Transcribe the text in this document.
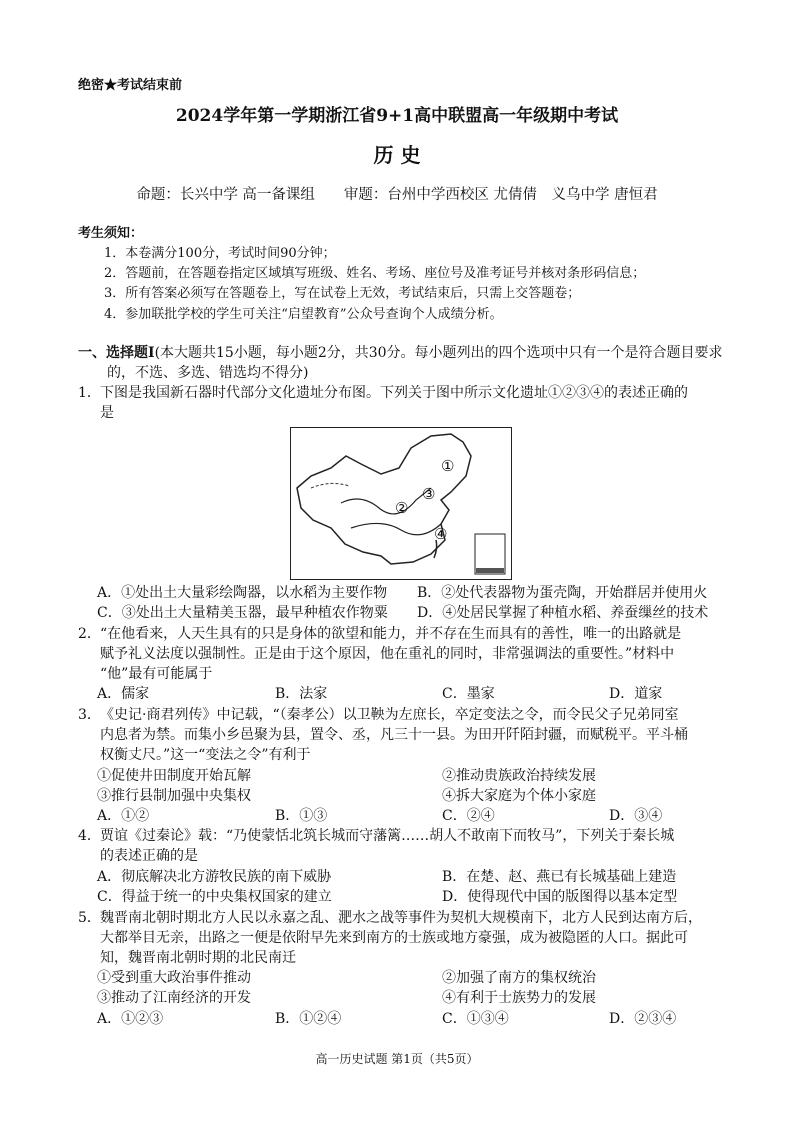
绝密★考试结束前
2024学年第一学期浙江省9+1高中联盟高一年级期中考试
历 史
命题：长兴中学 高一备课组　　审题：台州中学西校区 尤倩倩　义乌中学 唐恒君
考生须知：
1．本卷满分100分，考试时间90分钟；
2．答题前，在答题卷指定区域填写班级、姓名、考场、座位号及准考证号并核对条形码信息；
3．所有答案必须写在答题卷上，写在试卷上无效，考试结束后，只需上交答题卷；
4．参加联批学校的学生可关注“启望教育”公众号查询个人成绩分析。
一、选择题Ⅰ(本大题共15小题，每小题2分，共30分。每小题列出的四个选项中只有一个是符合题目要求
的，不选、多选、错选均不得分)
1． 下图是我国新石器时代部分文化遗址分布图。下列关于图中所示文化遗址①②③④的表述正确的
是
①
②
③
④
A．①处出土大量彩绘陶器，以水稻为主要作物 B．②处代表器物为蛋壳陶，开始群居并使用火
C．③处出土大量精美玉器，最早种植农作物粟 D．④处居民掌握了种植水稻、养蚕缫丝的技术
2． “在他看来，人天生具有的只是身体的欲望和能力，并不存在生而具有的善性，唯一的出路就是
赋予礼义法度以强制性。正是由于这个原因，他在重礼的同时，非常强调法的重要性。”材料中
“他”最有可能属于
A．儒家	B．法家	C．墨家	D．道家
3． 《史记·商君列传》中记载，“（秦孝公）以卫鞅为左庶长，卒定变法之令，而令民父子兄弟同室
内息者为禁。而集小乡邑聚为县，置令、丞，凡三十一县。为田开阡陌封疆，而赋税平。平斗桶
权衡丈尺。”这一“变法之令”有利于
①促使井田制度开始瓦解	②推动贵族政治持续发展
③推行县制加强中央集权	④拆大家庭为个体小家庭
A．①②	B．①③	C．②④	D．③④
4． 贾谊《过秦论》载：“乃使蒙恬北筑长城而守藩篱……胡人不敢南下而牧马”，下列关于秦长城
的表述正确的是
A．彻底解决北方游牧民族的南下威胁	B．在楚、赵、燕已有长城基础上建造
C．得益于统一的中央集权国家的建立	D．使得现代中国的版图得以基本定型
5． 魏晋南北朝时期北方人民以永嘉之乱、淝水之战等事件为契机大规模南下，北方人民到达南方后，
大都举目无亲，出路之一便是依附早先来到南方的士族或地方豪强，成为被隐匿的人口。据此可
知，魏晋南北朝时期的北民南迁
①受到重大政治事件推动	②加强了南方的集权统治
③推动了江南经济的开发	④有利于士族势力的发展
A．①②③	B．①②④	C．①③④	D．②③④
高一历史试题 第1页（共5页）
